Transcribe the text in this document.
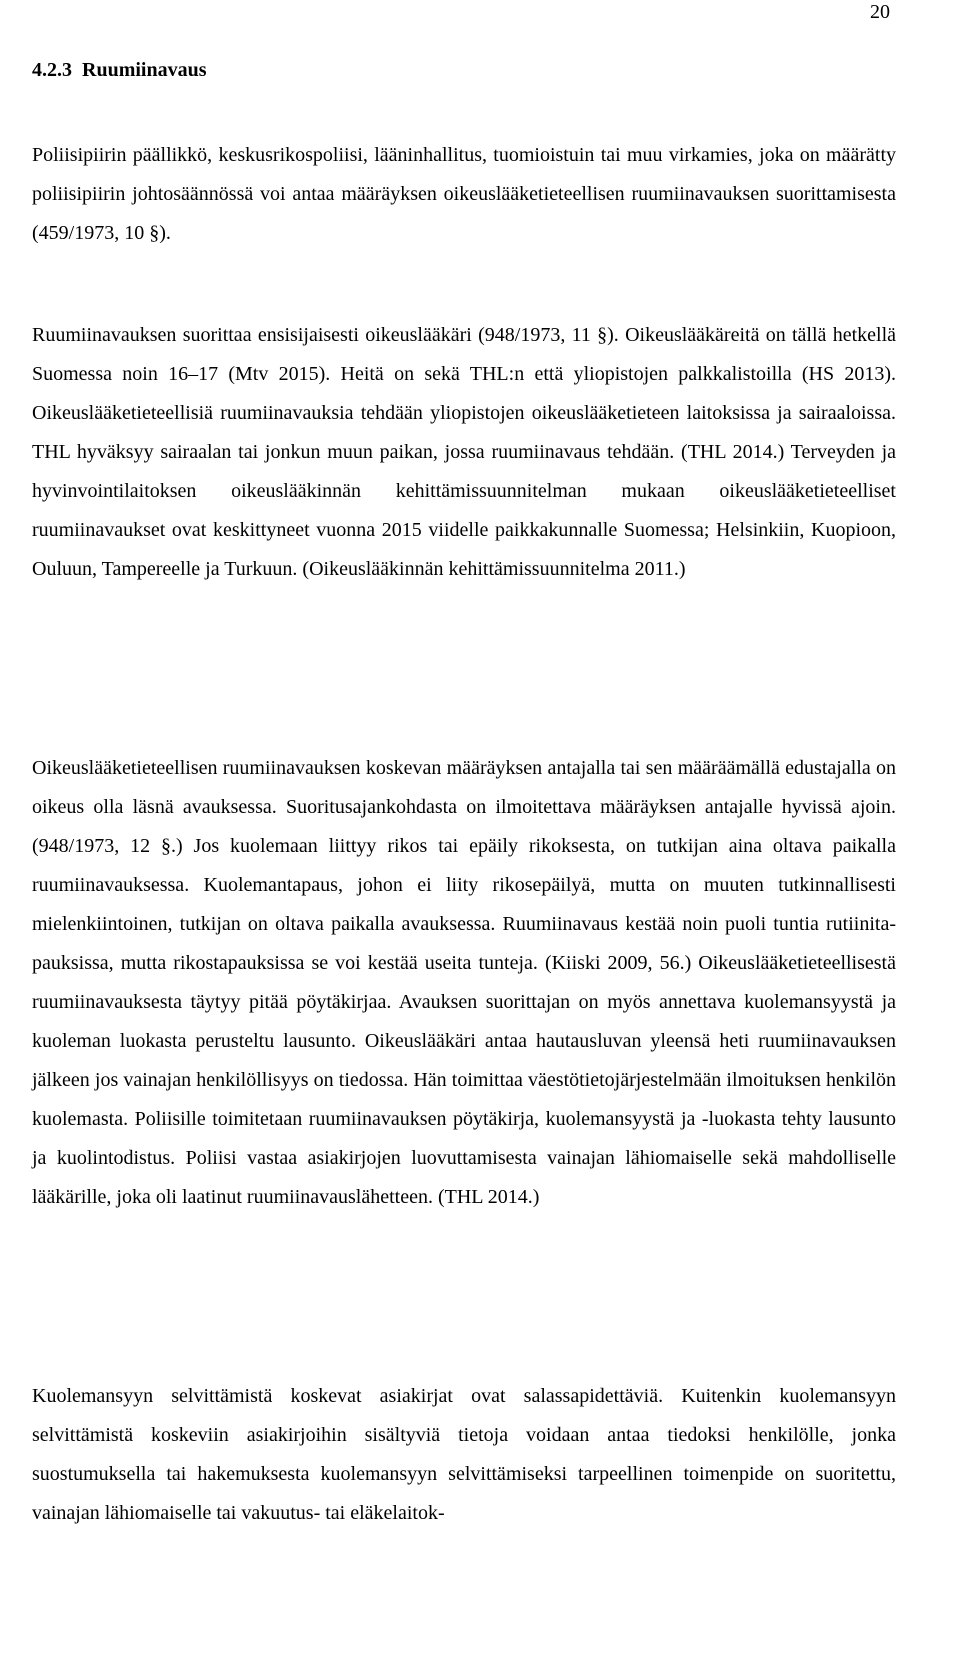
20
4.2.3 Ruumiinavaus
Poliisipiirin päällikkö, keskusrikospoliisi, lääninhallitus, tuomioistuin tai muu virkamies, joka on määrätty poliisipiirin johtosäännössä voi antaa määräyksen oikeuslääketieteellisen ruumiinavauksen suorittamisesta (459/1973, 10 §).
Ruumiinavauksen suorittaa ensisijaisesti oikeuslääkäri (948/1973, 11 §). Oikeuslääkäreitä on tällä hetkellä Suomessa noin 16–17 (Mtv 2015). Heitä on sekä THL:n että yliopistojen palkkalistoilla (HS 2013). Oikeuslääketieteellisiä ruumiinavauksia tehdään yliopistojen oikeuslääketieteen laitoksissa ja sairaaloissa. THL hyväksyy sairaalan tai jonkun muun paikan, jossa ruumiinavaus tehdään. (THL 2014.) Terveyden ja hyvinvointilaitoksen oikeuslääkinnän kehittämissuunnitelman mukaan oikeuslääketieteelliset ruumiinavaukset ovat keskittyneet vuonna 2015 viidelle paikkakunnalle Suomessa; Helsinkiin, Kuopioon, Ouluun, Tampereelle ja Turkuun. (Oikeuslääkinnän kehittämissuunnitelma 2011.)
Oikeuslääketieteellisen ruumiinavauksen koskevan määräyksen antajalla tai sen määräämällä edustajalla on oikeus olla läsnä avauksessa. Suoritusajankohdasta on ilmoitettava määräyksen antajalle hyvissä ajoin. (948/1973, 12 §.) Jos kuolemaan liittyy rikos tai epäily rikoksesta, on tutkijan aina oltava paikalla ruumiinavauksessa. Kuolemantapaus, johon ei liity rikosepäilyä, mutta on muuten tutkinnallisesti mielenkiintoinen, tutkijan on oltava paikalla avauksessa. Ruumiinavaus kestää noin puoli tuntia rutiinitapauksissa, mutta rikostapauksissa se voi kestää useita tunteja. (Kiiski 2009, 56.) Oikeuslääketieteellisestä ruumiinavauksesta täytyy pitää pöytäkirjaa. Avauksen suorittajan on myös annettava kuolemansyystä ja kuoleman luokasta perusteltu lausunto. Oikeuslääkäri antaa hautausluvan yleensä heti ruumiinavauksen jälkeen jos vainajan henkilöllisyys on tiedossa. Hän toimittaa väestötietojärjestelmään ilmoituksen henkilön kuolemasta. Poliisille toimitetaan ruumiinavauksen pöytäkirja, kuolemansyystä ja -luokasta tehty lausunto ja kuolintodistus. Poliisi vastaa asiakirjojen luovuttamisesta vainajan lähiomaiselle sekä mahdolliselle lääkärille, joka oli laatinut ruumiinavauslähetteen. (THL 2014.)
Kuolemansyyn selvittämistä koskevat asiakirjat ovat salassapidettäviä. Kuitenkin kuolemansyyn selvittämistä koskeviin asiakirjoihin sisältyviä tietoja voidaan antaa tiedoksi henkilölle, jonka suostumuksella tai hakemuksesta kuolemansyyn selvittämiseksi tarpeellinen toimenpide on suoritettu, vainajan lähiomaiselle tai vakuutus- tai eläkelaitok-
